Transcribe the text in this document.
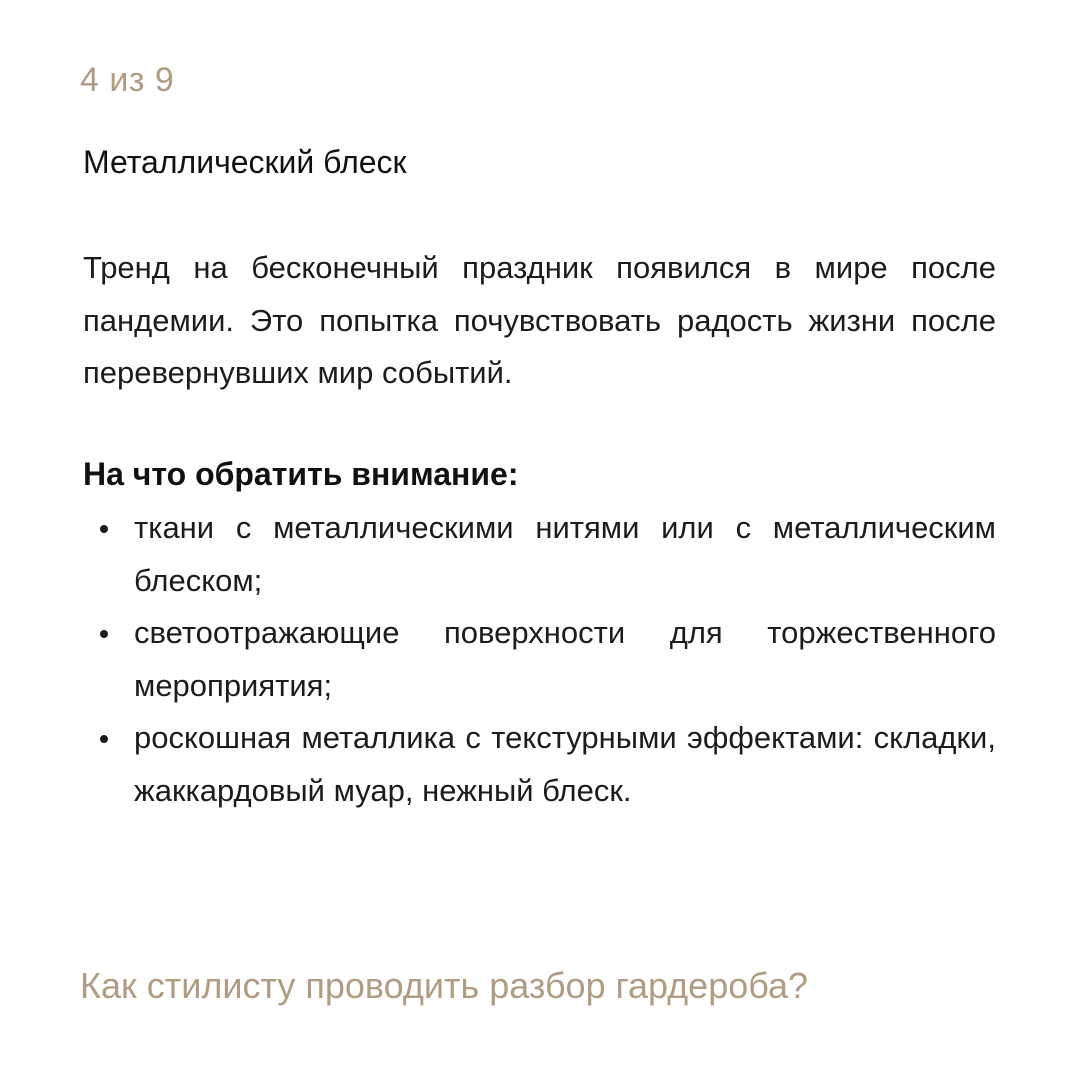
4 из 9
Металлический блеск

Тренд на бесконечный праздник появился в мире после пандемии. Это попытка почувствовать радость жизни после перевернувших мир событий.

На что обратить внимание:
ткани с металлическими нитями или с металлическим блеском;
светоотражающие поверхности для торжественного мероприятия;
роскошная металлика с текстурными эффектами: складки, жаккардовый муар, нежный блеск.
Как стилисту проводить разбор гардероба?
